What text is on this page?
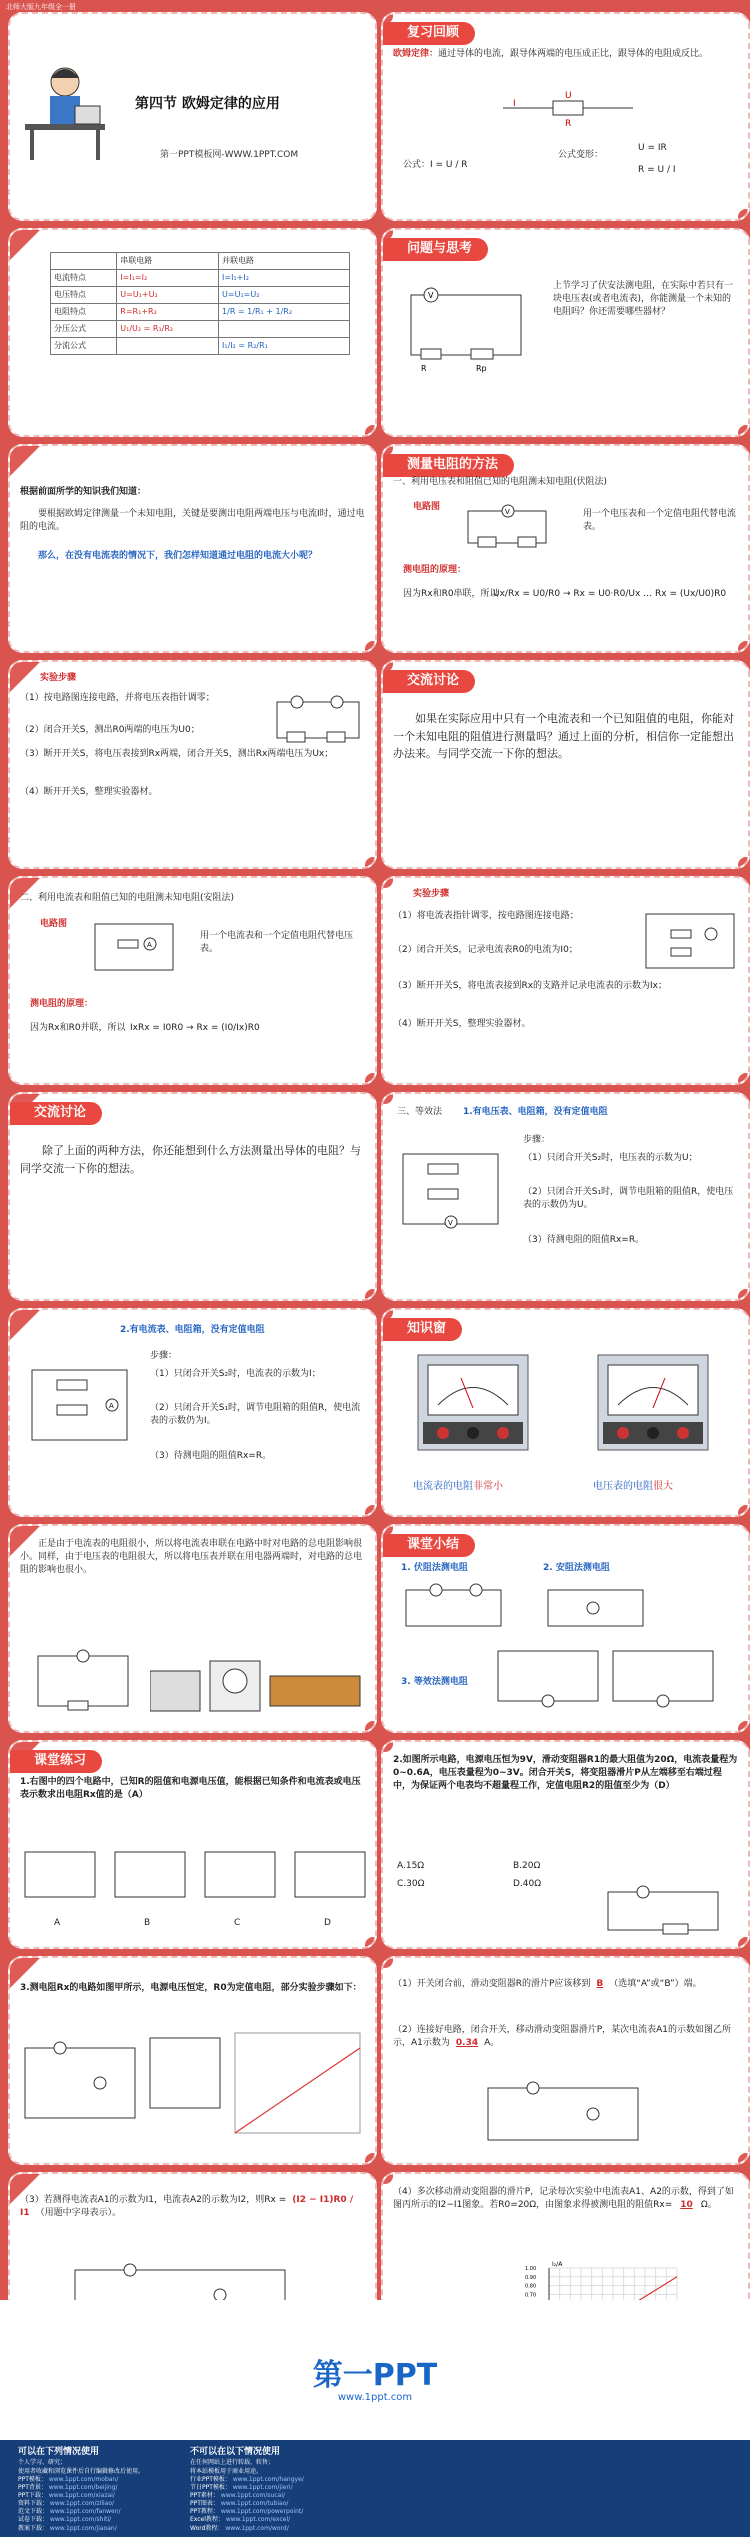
北师大版九年级全一册
第四节 欧姆定律的应用
第一PPT模板网-WWW.1PPT.COM
复习回顾
欧姆定律：通过导体的电流，跟导体两端的电压成正比，跟导体的电阻成反比。
U
R
I
公式：I = U / R
公式变形：
U = IR
R = U / I
	串联电路	并联电路
电流特点	I=I₁=I₂	I=I₁+I₂
电压特点	U=U₁+U₂	U=U₁=U₂
电阻特点	R=R₁+R₂	1/R = 1/R₁ + 1/R₂
分压公式	U₁/U₂ = R₁/R₂	
分流公式		I₁/I₂ = R₂/R₁
问题与思考
V
R	Rp
上节学习了伏安法测电阻，在实际中若只有一块电压表(或者电流表)，你能测量一个未知的电阻吗？你还需要哪些器材？
根据前面所学的知识我们知道：
要根据欧姆定律测量一个未知电阻，关键是要测出电阻两端电压与电流I时，通过电阻的电流。
那么，在没有电流表的情况下，我们怎样知道通过电阻的电流大小呢？
测量电阻的方法
一、利用电压表和阻值已知的电阻测未知电阻(伏阻法)
电路图	V	用一个电压表和一个定值电阻代替电流表。
测电阻的原理：
因为Rx和R0串联，所以
Ux/Rx = U0/R0 → Rx = U0·R0/Ux … Rx = (Ux/U0)R0
实验步骤
（1）按电路图连接电路，并将电压表指针调零；
（2）闭合开关S，测出R0两端的电压为U0；
（3）断开开关S，将电压表接到Rx两端，闭合开关S，测出Rx两端电压为Ux；
（4）断开开关S，整理实验器材。
交流讨论
如果在实际应用中只有一个电流表和一个已知阻值的电阻，你能对一个未知电阻的阻值进行测量吗？通过上面的分析，相信你一定能想出办法来。与同学交流一下你的想法。
二、利用电流表和阻值已知的电阻测未知电阻(安阻法)
电路图
A
用一个电流表和一个定值电阻代替电压表。
测电阻的原理：
因为Rx和R0并联，所以 IxRx = I0R0 → Rx = (I0/Ix)R0
实验步骤
（1）将电流表指针调零，按电路图连接电路；
（2）闭合开关S，记录电流表R0的电流为I0；
（3）断开开关S，将电流表接到Rx的支路并记录电流表的示数为Ix；
（4）断开开关S，整理实验器材。
交流讨论
除了上面的两种方法，你还能想到什么方法测量出导体的电阻？与同学交流一下你的想法。
三、等效法 1.有电压表、电阻箱，没有定值电阻
V
步骤：
（1）只闭合开关S₂时，电压表的示数为U；
（2）只闭合开关S₁时，调节电阻箱的阻值R，使电压表的示数仍为U。
（3）待测电阻的阻值Rx=R。
2.有电流表、电阻箱，没有定值电阻
A
步骤：
（1）只闭合开关S₂时，电流表的示数为I；
（2）只闭合开关S₁时，调节电阻箱的阻值R，使电流表的示数仍为I。
（3）待测电阻的阻值Rx=R。
知识窗
电流表的电阻非常小	电压表的电阻很大
正是由于电流表的电阻很小，所以将电流表串联在电路中时对电路的总电阻影响很小。同样，由于电压表的电阻很大，所以将电压表并联在用电器两端时，对电路的总电阻的影响也很小。
课堂小结
1. 伏阻法测电阻	2. 安阻法测电阻
3. 等效法测电阻
课堂练习
1.右图中的四个电路中，已知R的阻值和电源电压值，能根据已知条件和电流表或电压表示数求出电阻Rx值的是（A）
A	B	C	D
2.如图所示电路，电源电压恒为9V，滑动变阻器R1的最大阻值为20Ω，电流表量程为0~0.6A，电压表量程为0~3V。闭合开关S，将变阻器滑片P从左端移至右端过程中，为保证两个电表均不超量程工作，定值电阻R2的阻值至少为（D）
A.15Ω	B.20Ω
C.30Ω	D.40Ω
3.测电阻Rx的电路如图甲所示，电源电压恒定，R0为定值电阻，部分实验步骤如下：	（1）开关闭合前，滑动变阻器R的滑片P应该移到 B （选填“A”或“B”）端。
（2）连接好电路，闭合开关，移动滑动变阻器滑片P，某次电流表A1的示数如图乙所示，A1示数为 0.34 A。
（3）若测得电流表A1的示数为I1，电流表A2的示数为I2，则Rx = (I2 − I1)R0 / I1 （用题中字母表示）。
（4）多次移动滑动变阻器的滑片P，记录每次实验中电流表A1、A2的示数，得到了如图丙所示的I2−I1图象。若R0=20Ω，由图象求得被测电阻的阻值Rx= 10 Ω。
0.70
0.80
0.90
1.00
I₂/A
第一PPT
www.1ppt.com
可以在下列情况使用
个人学习、研究；
使用者收藏和浏览课件后自行编辑修改后使用。
不可以在以下情况使用
在任何网站上进行转载、转售；
将本站模板用于商业用途。
PPT模板： www.1ppt.com/moban/
PPT背景： www.1ppt.com/beijing/
PPT下载： www.1ppt.com/xiazai/
资料下载： www.1ppt.com/ziliao/
范文下载： www.1ppt.com/fanwen/
试卷下载： www.1ppt.com/shiti/
教案下载： www.1ppt.com/jiaoan/
行业PPT模板： www.1ppt.com/hangye/
节日PPT模板： www.1ppt.com/jieri/
PPT素材： www.1ppt.com/sucai/
PPT图表： www.1ppt.com/tubiao/
PPT教程： www.1ppt.com/powerpoint/
Excel教程： www.1ppt.com/excel/
Word教程： www.1ppt.com/word/
